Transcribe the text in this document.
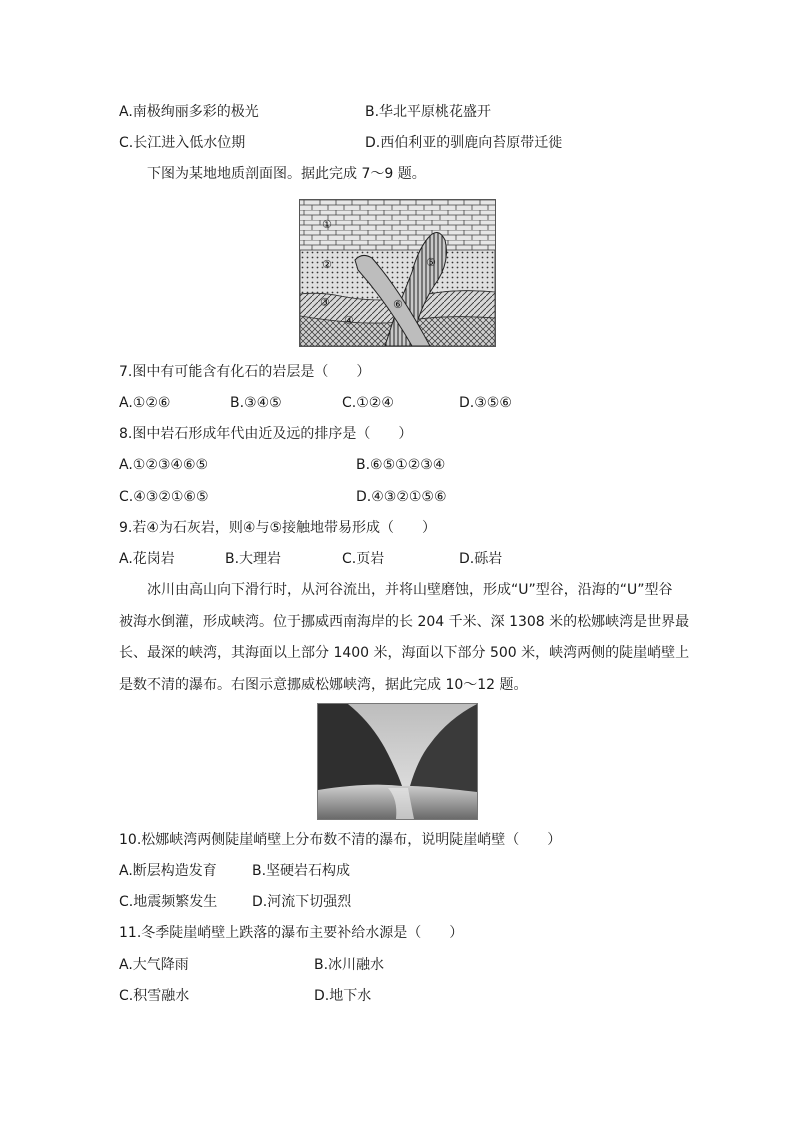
A.南极绚丽多彩的极光	B.华北平原桃花盛开
C.长江进入低水位期	D.西伯利亚的驯鹿向苔原带迁徙
下图为某地地质剖面图。据此完成 7～9 题。
①
②
③
④
⑤
⑥
7.图中有可能含有化石的岩层是（　　）
A.①②⑥	B.③④⑤	C.①②④	D.③⑤⑥
8.图中岩石形成年代由近及远的排序是（　　）
A.①②③④⑥⑤	B.⑥⑤①②③④
C.④③②①⑥⑤	D.④③②①⑤⑥
9.若④为石灰岩，则④与⑤接触地带易形成（　　）
A.花岗岩	B.大理岩	C.页岩	D.砾岩
冰川由高山向下滑行时，从河谷流出，并将山壁磨蚀，形成“U”型谷，沿海的“U”型谷
被海水倒灌，形成峡湾。位于挪威西南海岸的长 204 千米、深 1308 米的松娜峡湾是世界最
长、最深的峡湾，其海面以上部分 1400 米，海面以下部分 500 米，峡湾两侧的陡崖峭壁上
是数不清的瀑布。右图示意挪威松娜峡湾，据此完成 10～12 题。
10.松娜峡湾两侧陡崖峭壁上分布数不清的瀑布，说明陡崖峭壁（　　）
A.断层构造发育	B.坚硬岩石构成
C.地震频繁发生 D.河流下切强烈
11.冬季陡崖峭壁上跌落的瀑布主要补给水源是（　　）
A.大气降雨	B.冰川融水
C.积雪融水	D.地下水
